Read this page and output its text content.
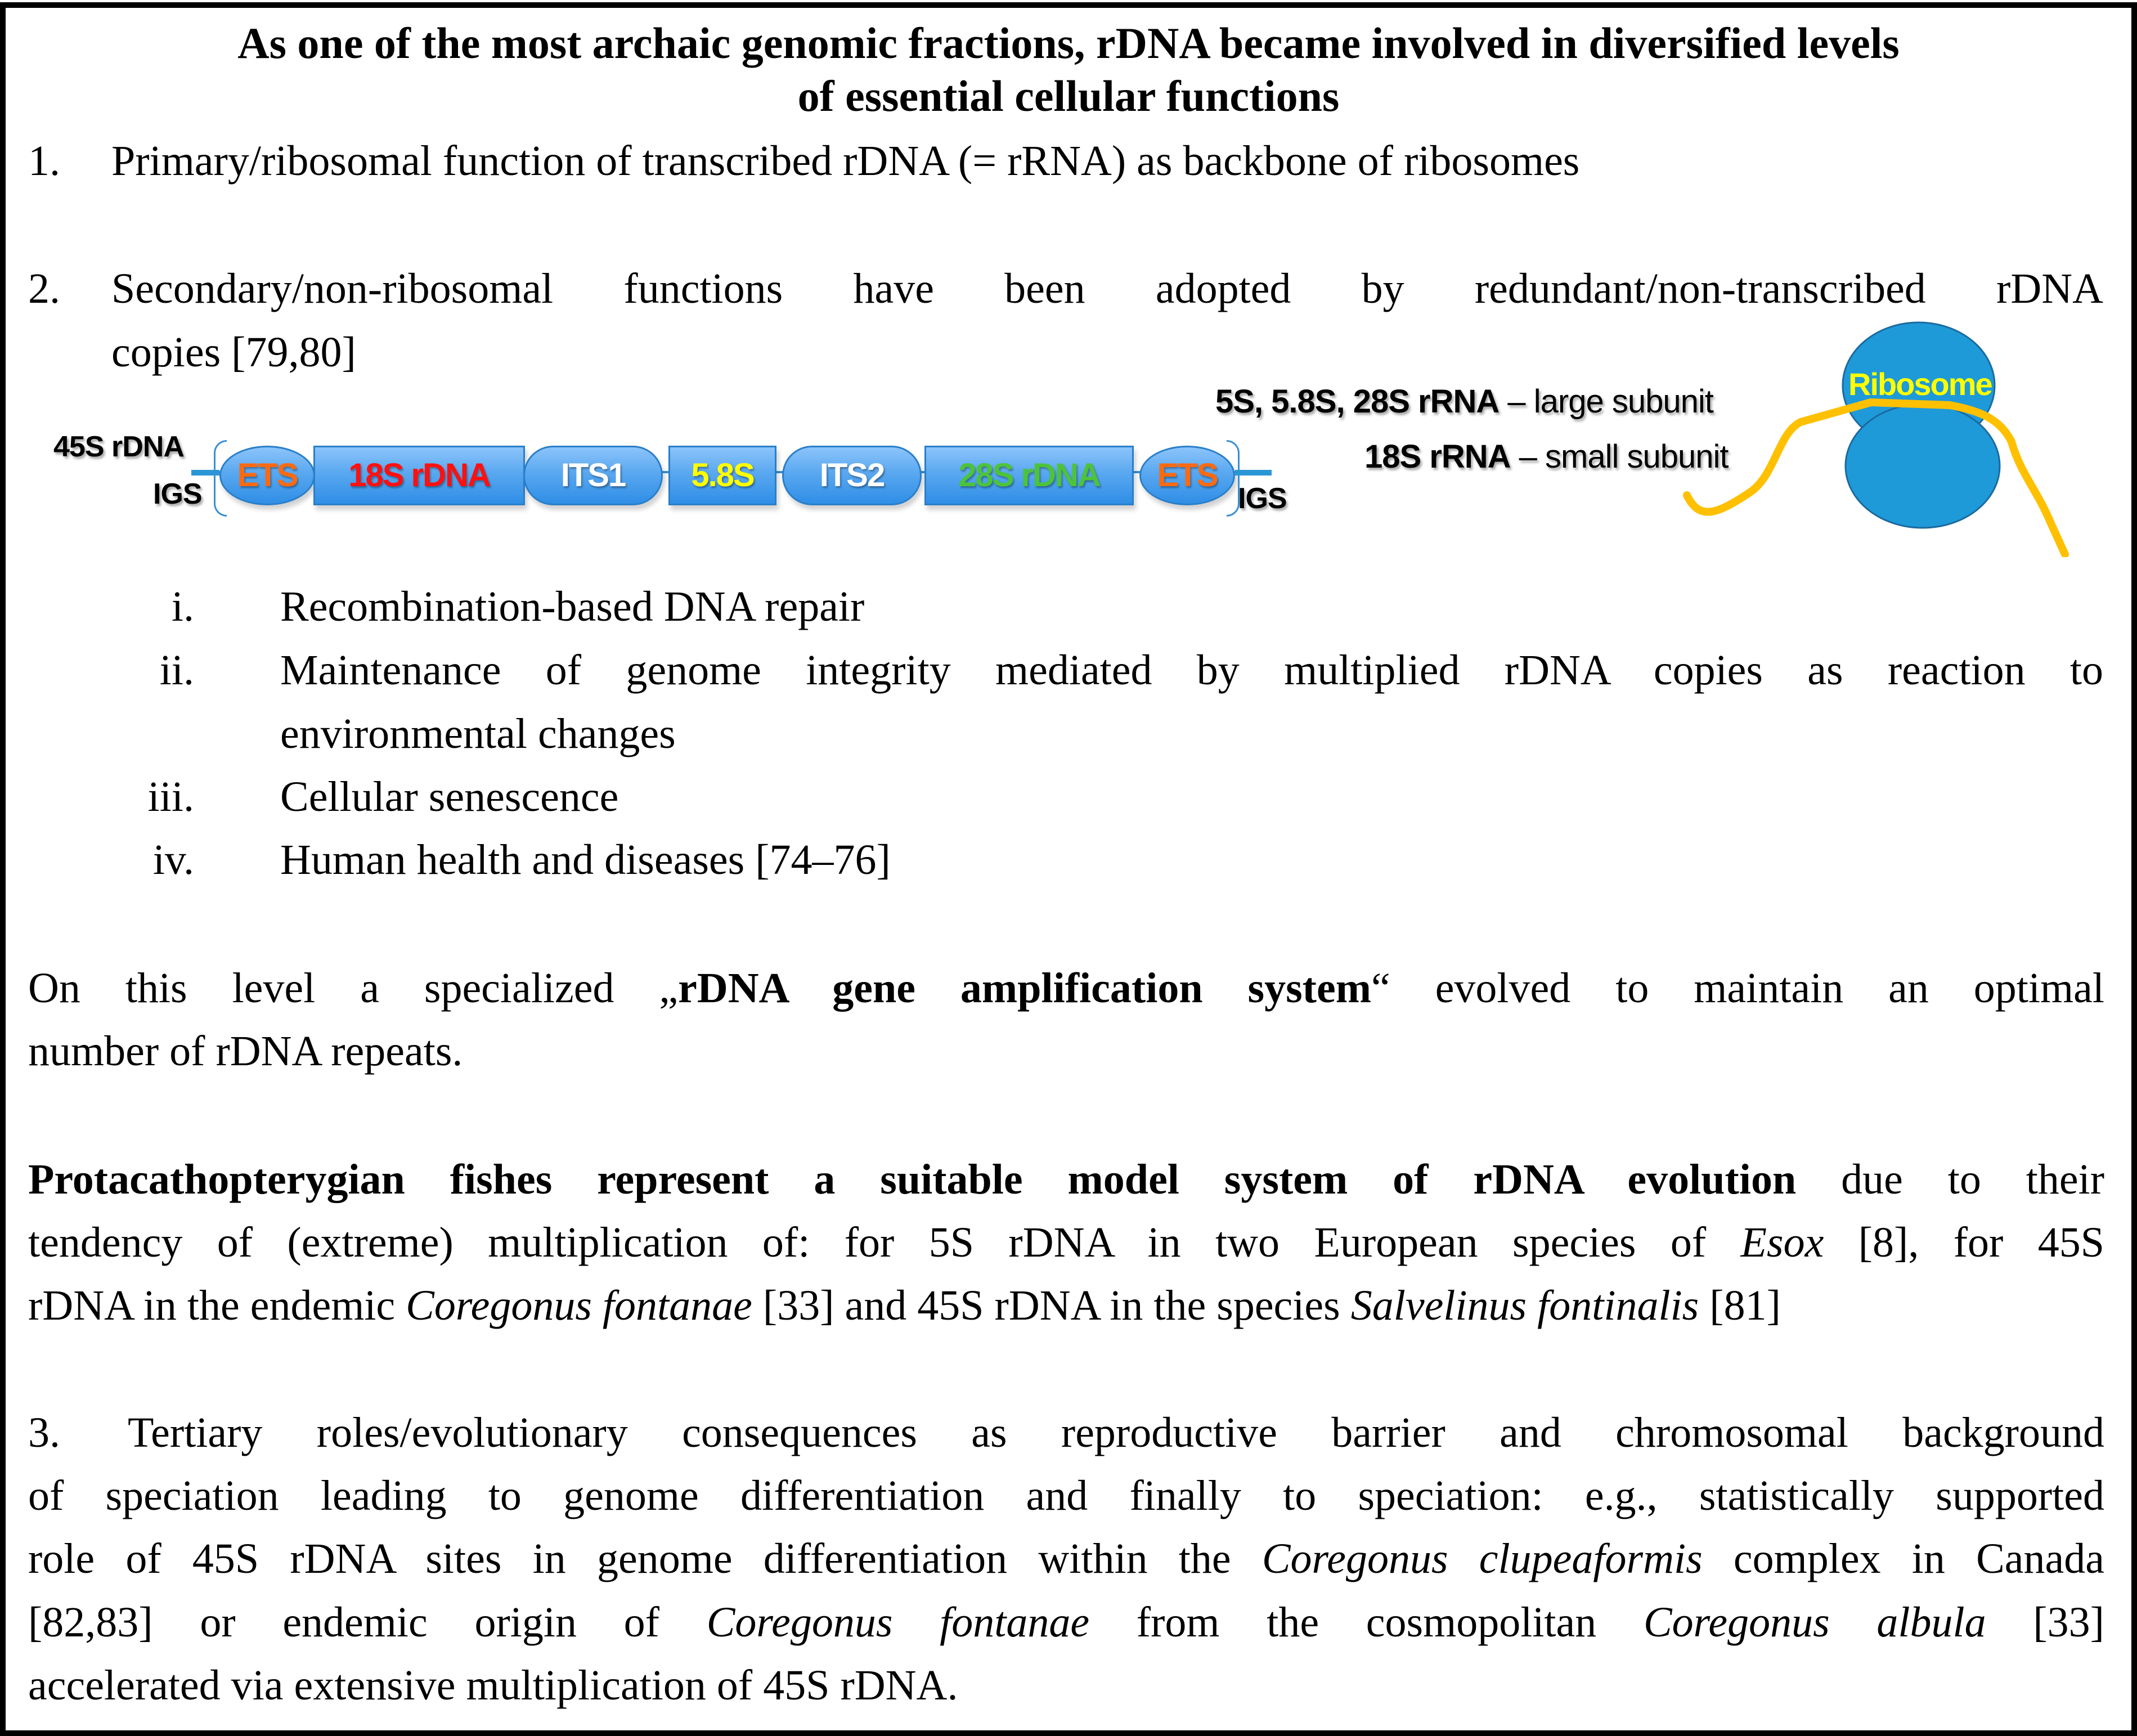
As one of the most archaic genomic fractions, rDNA became involved in diversified levels
of essential cellular functions
1. Primary/ribosomal function of transcribed rDNA (= rRNA) as backbone of ribosomes
2. Secondary/non-ribosomal functions have been adopted by redundant/non-transcribed rDNA
copies [79,80]
45S rDNA
IGS
ETS 18S rDNA ITS1 5.8S ITS2 28S rDNA ETS
IGS
5S, 5.8S, 28S rRNA – large subunit
18S rRNA – small subunit
Ribosome
i. Recombination-based DNA repair
ii. Maintenance of genome integrity mediated by multiplied rDNA copies as reaction to
environmental changes
iii. Cellular senescence
iv. Human health and diseases [74–76]
On this level a specialized „rDNA gene amplification system“ evolved to maintain an optimal
number of rDNA repeats.
Protacathopterygian fishes represent a suitable model system of rDNA evolution due to their
tendency of (extreme) multiplication of: for 5S rDNA in two European species of Esox [8], for 45S
rDNA in the endemic Coregonus fontanae [33] and 45S rDNA in the species Salvelinus fontinalis [81]
3. Tertiary roles/evolutionary consequences as reproductive barrier and chromosomal background
of speciation leading to genome differentiation and finally to speciation: e.g., statistically supported
role of 45S rDNA sites in genome differentiation within the Coregonus clupeaformis complex in Canada
[82,83] or endemic origin of Coregonus fontanae from the cosmopolitan Coregonus albula [33]
accelerated via extensive multiplication of 45S rDNA.
